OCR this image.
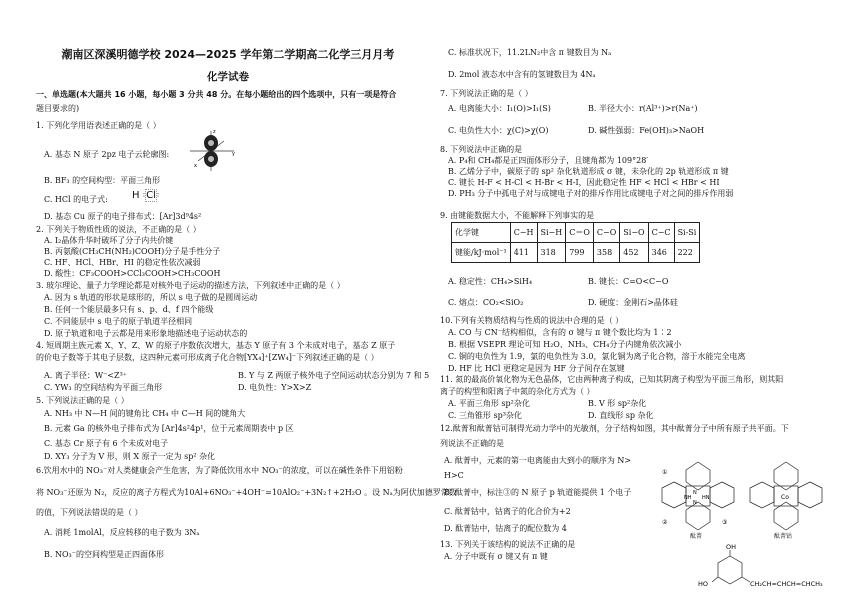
潮南区深溪明德学校 2024—2025 学年第二学期高二化学三月月考
化学试卷
一、单选题(本大题共 16 小题，每小题 3 分共 48 分。在每小题给出的四个选项中，只有一项是符合
题目要求的)
1. 下列化学用语表述正确的是（ ）
A. 基态 N 原子 2pz 电子云轮廓图:
B. BF₃ 的空间构型：平面三角形
C. HCl 的电子式:
D. 基态 Cu 原子的电子排布式：[Ar]3d⁹4s²
2. 下列关于物质性质的说法，不正确的是（ ）
A. I₂晶体升华时破坏了分子内共价键
B. 丙氨酸(CH₃CH(NH₂)COOH)分子是手性分子
C. HF、HCl、HBr、HI 的稳定性依次减弱
D. 酸性：CF₃COOH>CCl₃COOH>CH₃COOH
3. 玻尔理论、量子力学理论都是对核外电子运动的描述方法，下列叙述中正确的是（ ）
A. 因为 s 轨道的形状是球形的，所以 s 电子做的是圆周运动
B. 任何一个能层最多只有 s、p、d、f 四个能级
C. 不同能层中 s 电子的原子轨道半径相同
D. 原子轨道和电子云都是用来形象地描述电子运动状态的
4. 短周期主族元素 X、Y、Z、W 的原子序数依次增大，基态 Y 原子有 3 个未成对电子，基态 Z 原子
的价电子数等于其电子层数，这四种元素可形成离子化合物[YX₄]⁺[ZW₄]⁻下列叙述正确的是（ ）
A. 离子半径：W⁻<Z³⁺	B. Y 与 Z 两原子核外电子空间运动状态分别为 7 和 5
C. YW₃ 的空间结构为平面三角形	D. 电负性：Y>X>Z
5. 下列说法正确的是（ ）
A. NH₃ 中 N—H 间的键角比 CH₄ 中 C—H 间的键角大
B. 元素 Ga 的核外电子排布式为 [Ar]4s²4p¹，位于元素周期表中 p 区
C. 基态 Cr 原子有 6 个未成对电子
D. XY₃ 分子为 V 形，则 X 原子一定为 sp² 杂化
6.饮用水中的 NO₃⁻对人类健康会产生危害，为了降低饮用水中 NO₃⁻的浓度，可以在碱性条件下用铝粉
将 NO₃⁻还原为 N₂，反应的离子方程式为10Al+6NO₃⁻+4OH⁻=10AlO₂⁻+3N₂↑+2H₂O 。设 Nₐ为阿伏加德罗常数
的值，下列说法错误的是（ ）
A. 消耗 1molAl，反应转移的电子数为 3Nₐ
B. NO₃⁻的空间构型是正四面体形
z
y
x
H :Cl:
C. 标准状况下，11.2LN₂中含 π 键数目为 Nₐ
D. 2mol 液态水中含有的氢键数目为 4Nₐ
7. 下列说法正确的是（ ）
A. 电离能大小：I₁(O)>I₁(S)	B. 半径大小：r(Al³⁺)>r(Na⁺)
C. 电负性大小：χ(C)>χ(O)	D. 碱性强弱：Fe(OH)₃>NaOH
8. 下列说法中正确的是
A. P₄和 CH₄都是正四面体形分子，且键角都为 109°28′
B. 乙烯分子中，碳原子的 sp² 杂化轨道形成 σ 键，未杂化的 2p 轨道形成 π 键
C. 键长 H-F < H-Cl < H-Br < H-I，因此稳定性 HF < HCl < HBr < HI
D. PH₃ 分子中孤电子对与成键电子对的排斥作用比成键电子对之间的排斥作用弱
9. 由键能数据大小，不能解释下列事实的是
A. 稳定性：CH₄>SiH₄	B. 键长：C=O<C−O
C. 熔点：CO₂<SiO₂	D. 硬度：金刚石>晶体硅
10.下列有关物质结构与性质的说法中合理的是（ ）
A. CO 与 CN⁻结构相似，含有的 σ 键与 π 键个数比均为 1∶2
B. 根据 VSEPR 理论可知 H₂O、NH₃、CH₄分子内键角依次减小
C. 铜的电负性为 1.9，氯的电负性为 3.0，氯化铜为离子化合物，溶于水能完全电离
D. HF 比 HCl 更稳定是因为 HF 分子间存在氢键
11. 氮的最高价氧化物为无色晶体，它由两种离子构成，已知其阴离子构型为平面三角形，则其阳
离子的构型和阳离子中氮的杂化方式为（ ）
A. 平面三角形 sp²杂化	B. V 形 sp²杂化
C. 三角锥形 sp³杂化	D. 直线形 sp 杂化
12.酞菁和酞菁钴可制得光动力学中的光敏剂，分子结构如图，其中酞菁分子中所有原子共平面。下
列说法不正确的是
A. 酞菁中，元素的第一电离能由大到小的顺序为 N>
H>C
B. 酞菁中，标注③的 N 原子 p 轨道能提供 1 个电子
C. 酞菁钴中，钴离子的化合价为+2
D. 酞菁钴中，钴离子的配位数为 4
13. 下列关于该结构的说法不正确的是
A. 分子中既有 σ 键又有 π 键
化学键	C−H	Si−H	C＝O	C−O	Si−O	C−C	Si-Si
键能/kJ·mol⁻¹	411	318	799	358	452	346	222
N
N
NH HN
①
②	③
酞菁
Co
酞菁钴
OH
HO	CH₂CH=CHCH=CHCH₃
